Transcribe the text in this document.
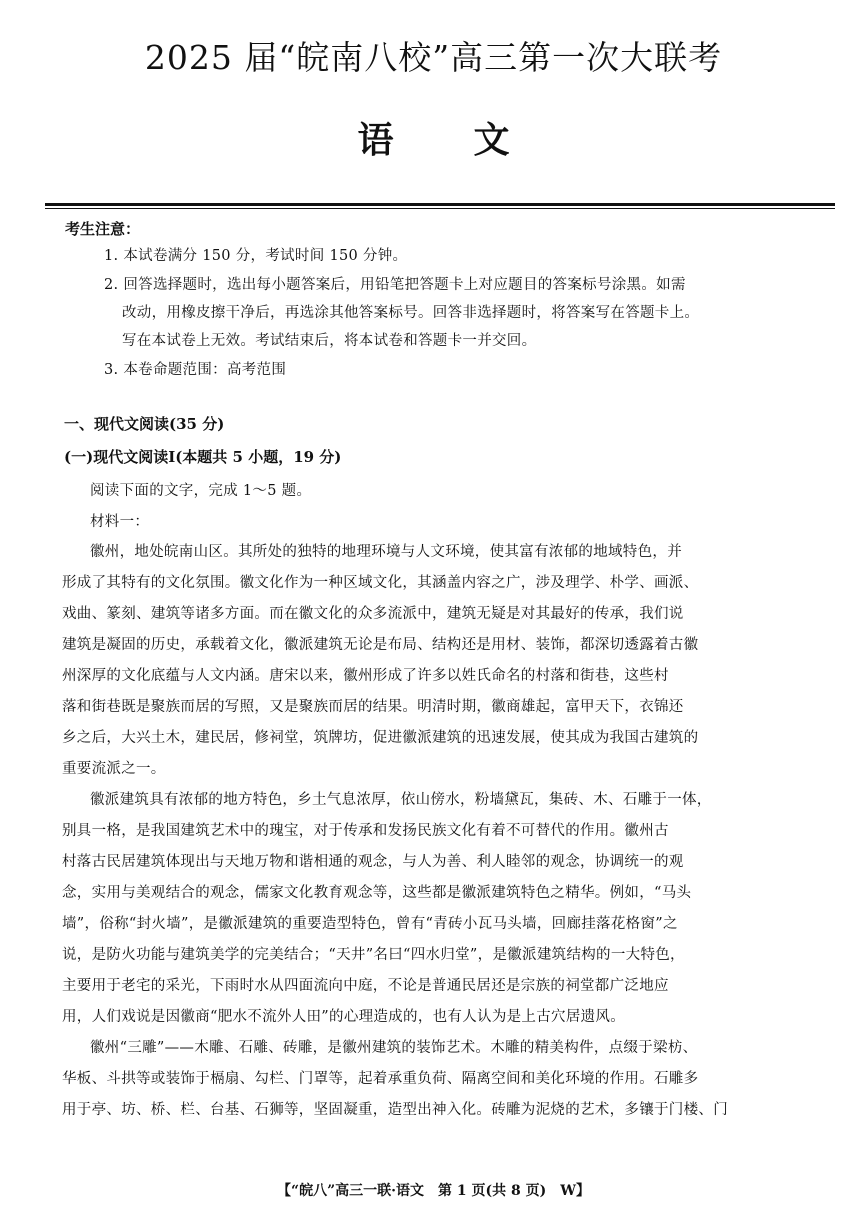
2025 届“皖南八校”高三第一次大联考
语文
考生注意：
1. 本试卷满分 150 分，考试时间 150 分钟。
2. 回答选择题时，选出每小题答案后，用铅笔把答题卡上对应题目的答案标号涂黑。如需
改动，用橡皮擦干净后，再选涂其他答案标号。回答非选择题时，将答案写在答题卡上。
写在本试卷上无效。考试结束后，将本试卷和答题卡一并交回。
3. 本卷命题范围：高考范围
一、现代文阅读(35 分)
(一)现代文阅读Ⅰ(本题共 5 小题，19 分)
阅读下面的文字，完成 1～5 题。
材料一：
徽州，地处皖南山区。其所处的独特的地理环境与人文环境，使其富有浓郁的地域特色，并
形成了其特有的文化氛围。徽文化作为一种区域文化，其涵盖内容之广，涉及理学、朴学、画派、
戏曲、篆刻、建筑等诸多方面。而在徽文化的众多流派中，建筑无疑是对其最好的传承，我们说
建筑是凝固的历史，承载着文化，徽派建筑无论是布局、结构还是用材、装饰，都深切透露着古徽
州深厚的文化底蕴与人文内涵。唐宋以来，徽州形成了许多以姓氏命名的村落和街巷，这些村
落和街巷既是聚族而居的写照，又是聚族而居的结果。明清时期，徽商雄起，富甲天下，衣锦还
乡之后，大兴土木，建民居，修祠堂，筑牌坊，促进徽派建筑的迅速发展，使其成为我国古建筑的
重要流派之一。
徽派建筑具有浓郁的地方特色，乡土气息浓厚，依山傍水，粉墙黛瓦，集砖、木、石雕于一体，
别具一格，是我国建筑艺术中的瑰宝，对于传承和发扬民族文化有着不可替代的作用。徽州古
村落古民居建筑体现出与天地万物和谐相通的观念，与人为善、利人睦邻的观念，协调统一的观
念，实用与美观结合的观念，儒家文化教育观念等，这些都是徽派建筑特色之精华。例如，“马头
墙”，俗称“封火墙”，是徽派建筑的重要造型特色，曾有“青砖小瓦马头墙，回廊挂落花格窗”之
说，是防火功能与建筑美学的完美结合；“天井”名曰“四水归堂”，是徽派建筑结构的一大特色，
主要用于老宅的采光，下雨时水从四面流向中庭，不论是普通民居还是宗族的祠堂都广泛地应
用，人们戏说是因徽商“肥水不流外人田”的心理造成的，也有人认为是上古穴居遗风。
徽州“三雕”——木雕、石雕、砖雕，是徽州建筑的装饰艺术。木雕的精美构件，点缀于梁枋、
华板、斗拱等或装饰于槅扇、勾栏、门罩等，起着承重负荷、隔离空间和美化环境的作用。石雕多
用于亭、坊、桥、栏、台基、石狮等，坚固凝重，造型出神入化。砖雕为泥烧的艺术，多镶于门楼、门
【“皖八”高三一联·语文　第 1 页(共 8 页)　W】
